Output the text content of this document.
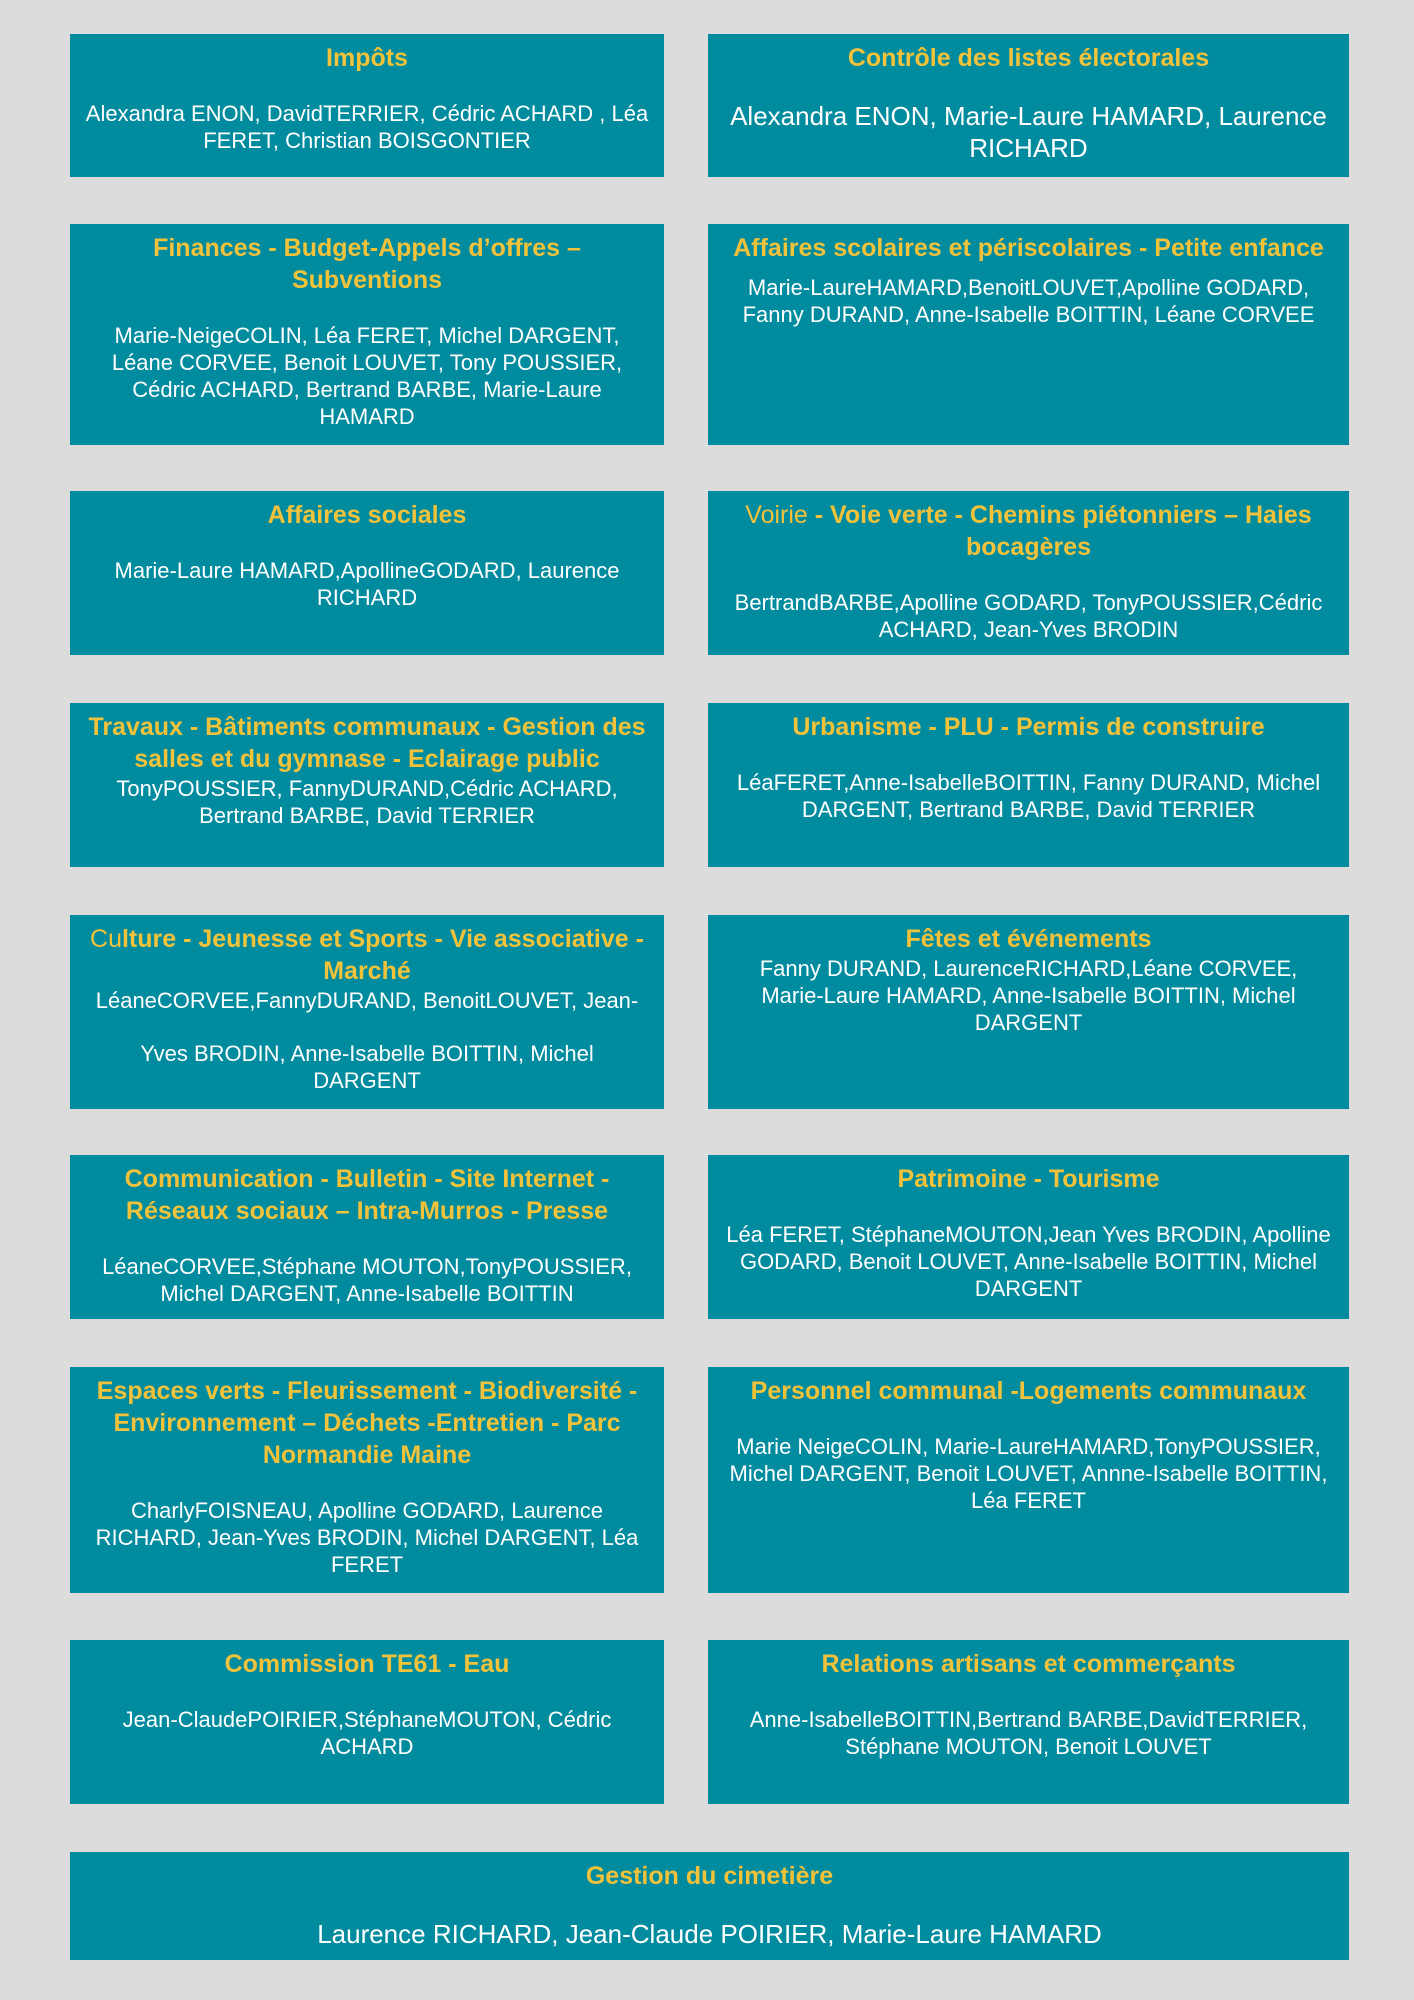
Impôts

Alexandra ENON, DavidTERRIER, Cédric ACHARD , Léa FERET, Christian BOISGONTIER

Contrôle des listes électorales

Alexandra ENON, Marie-Laure HAMARD, Laurence RICHARD

Finances - Budget-Appels d’offres – Subventions

Marie-NeigeCOLIN, Léa FERET, Michel DARGENT, Léane CORVEE, Benoit LOUVET, Tony POUSSIER, Cédric ACHARD, Bertrand BARBE, Marie-Laure HAMARD

Affaires scolaires et périscolaires - Petite enfance

Marie-LaureHAMARD,BenoitLOUVET,Apolline GODARD, Fanny DURAND, Anne-Isabelle BOITTIN, Léane CORVEE

Affaires sociales

Marie-Laure HAMARD,ApollineGODARD, Laurence RICHARD

Voirie - Voie verte - Chemins piétonniers – Haies bocagères

BertrandBARBE,Apolline GODARD, TonyPOUSSIER,Cédric ACHARD, Jean-Yves BRODIN

Travaux - Bâtiments communaux - Gestion des salles et du gymnase - Eclairage public

TonyPOUSSIER, FannyDURAND,Cédric ACHARD, Bertrand BARBE, David TERRIER

Urbanisme - PLU - Permis de construire

LéaFERET,Anne-IsabelleBOITTIN, Fanny DURAND, Michel DARGENT, Bertrand BARBE, David TERRIER

Culture - Jeunesse et Sports - Vie associative - Marché

LéaneCORVEE,FannyDURAND, BenoitLOUVET, Jean-

Yves BRODIN, Anne-Isabelle BOITTIN, Michel DARGENT

Fêtes et événements

Fanny DURAND, LaurenceRICHARD,Léane CORVEE, Marie-Laure HAMARD, Anne-Isabelle BOITTIN, Michel DARGENT

Communication - Bulletin - Site Internet - Réseaux sociaux – Intra-Murros - Presse

LéaneCORVEE,Stéphane MOUTON,TonyPOUSSIER, Michel DARGENT, Anne-Isabelle BOITTIN

Patrimoine - Tourisme

Léa FERET, StéphaneMOUTON,Jean Yves BRODIN, Apolline GODARD, Benoit LOUVET, Anne-Isabelle BOITTIN, Michel DARGENT

Espaces verts - Fleurissement - Biodiversité - Environnement – Déchets -Entretien - Parc Normandie Maine

CharlyFOISNEAU, Apolline GODARD, Laurence RICHARD, Jean-Yves BRODIN, Michel DARGENT, Léa FERET

Personnel communal -Logements communaux

Marie NeigeCOLIN, Marie-LaureHAMARD,TonyPOUSSIER, Michel DARGENT, Benoit LOUVET, Annne-Isabelle BOITTIN, Léa FERET

Commission TE61 - Eau

Jean-ClaudePOIRIER,StéphaneMOUTON, Cédric ACHARD

Relations artisans et commerçants

Anne-IsabelleBOITTIN,Bertrand BARBE,DavidTERRIER, Stéphane MOUTON, Benoit LOUVET

Gestion du cimetière

Laurence RICHARD, Jean-Claude POIRIER, Marie-Laure HAMARD
